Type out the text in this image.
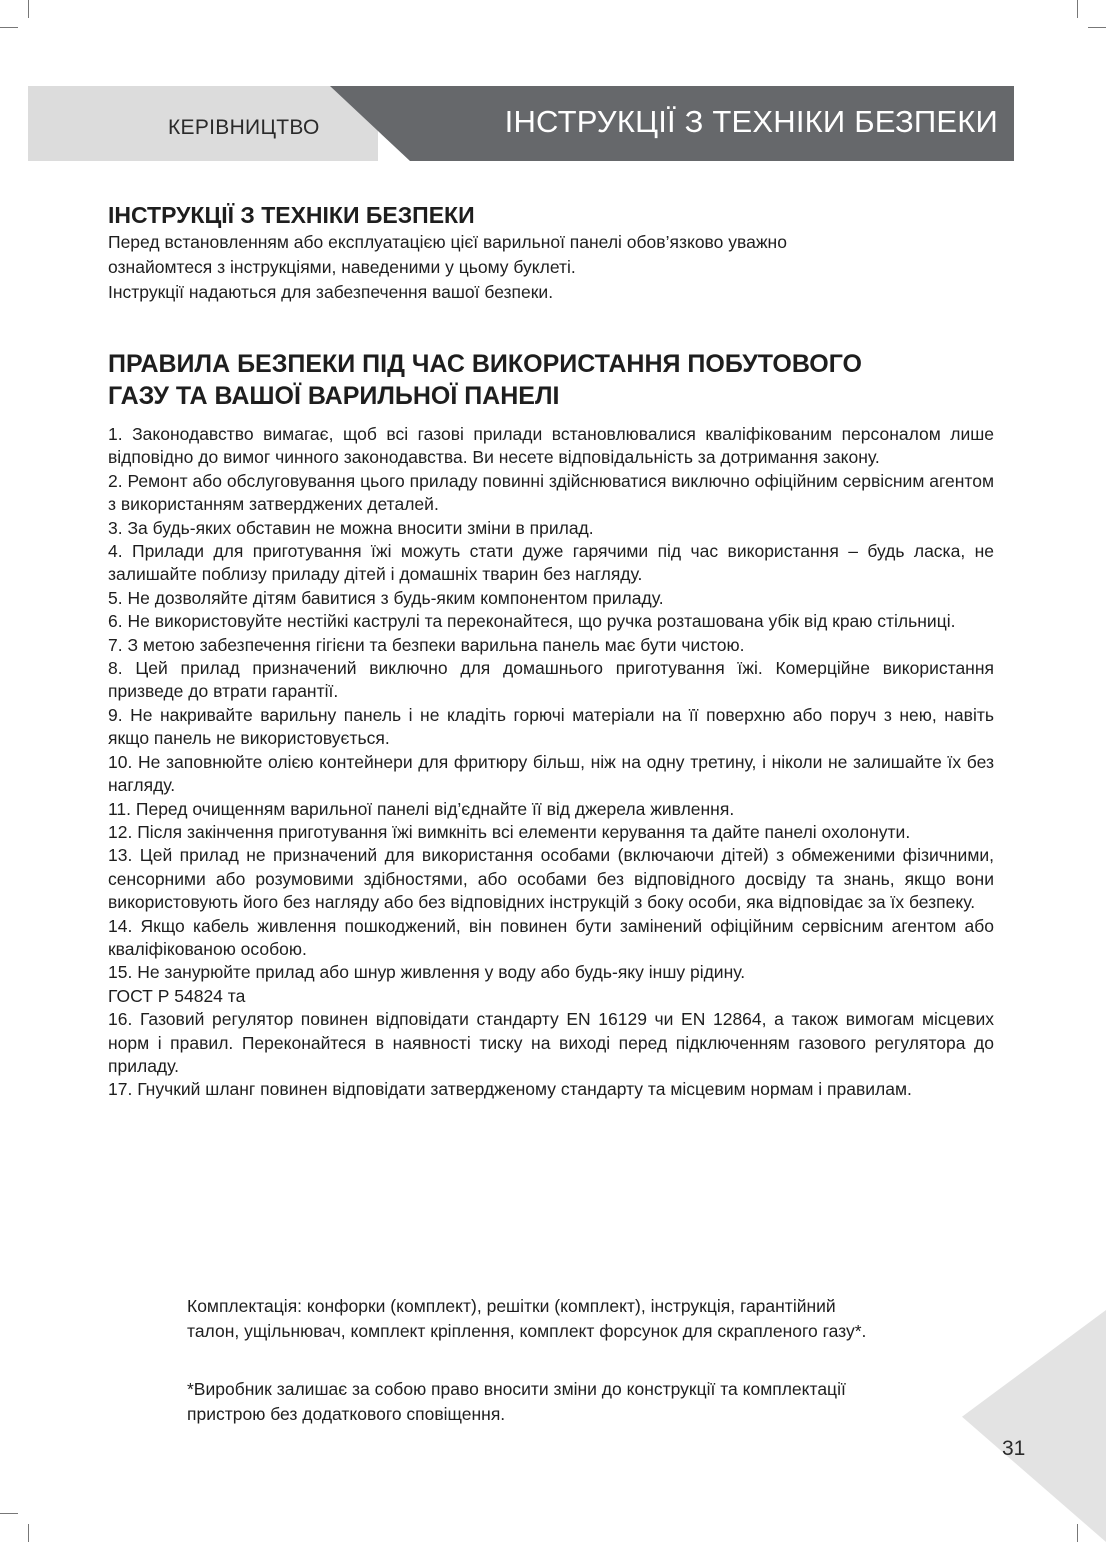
КЕРІВНИЦТВО	ІНСТРУКЦІЇ З ТЕХНІКИ БЕЗПЕКИ
ІНСТРУКЦІЇ З ТЕХНІКИ БЕЗПЕКИ

Перед встановленням або експлуатацією цієї варильної панелі обов’язково уважно

ознайомтеся з інструкціями, наведеними у цьому буклеті.

Інструкції надаються для забезпечення вашої безпеки.

ПРАВИЛА БЕЗПЕКИ ПІД ЧАС ВИКОРИСТАННЯ ПОБУТОВОГО
ГАЗУ ТА ВАШОЇ ВАРИЛЬНОЇ ПАНЕЛІ

1. Законодавство вимагає, щоб всі газові прилади встановлювалися кваліфікованим персоналом лише відповідно до вимог чинного законодавства. Ви несете відповідальність за дотримання закону.

2. Ремонт або обслуговування цього приладу повинні здійснюватися виключно офіційним сервісним агентом з використанням затверджених деталей.

3. За будь-яких обставин не можна вносити зміни в прилад.

4. Прилади для приготування їжі можуть стати дуже гарячими під час використання – будь ласка, не залишайте поблизу приладу дітей і домашніх тварин без нагляду.

5. Не дозволяйте дітям бавитися з будь-яким компонентом приладу.

6. Не використовуйте нестійкі каструлі та переконайтеся, що ручка розташована убік від краю стільниці.

7. З метою забезпечення гігієни та безпеки варильна панель має бути чистою.

8. Цей прилад призначений виключно для домашнього приготування їжі. Комерційне використання призведе до втрати гарантії.

9. Не накривайте варильну панель і не кладіть горючі матеріали на її поверхню або поруч з нею, навіть якщо панель не використовується.

10. Не заповнюйте олією контейнери для фритюру більш, ніж на одну третину, і ніколи не залишайте їх без нагляду.

11. Перед очищенням варильної панелі від’єднайте її від джерела живлення.

12. Після закінчення приготування їжі вимкніть всі елементи керування та дайте панелі охолонути.

13. Цей прилад не призначений для використання особами (включаючи дітей) з обмеженими фізичними, сенсорними або розумовими здібностями, або особами без відповідного досвіду та знань, якщо вони використовують його без нагляду або без відповідних інструкцій з боку особи, яка відповідає за їх безпеку.

14. Якщо кабель живлення пошкоджений, він повинен бути замінений офіційним сервісним агентом або кваліфікованою особою.

15. Не занурюйте прилад або шнур живлення у воду або будь-яку іншу рідину.

ГОСТ Р 54824 та

16. Газовий регулятор повинен відповідати стандарту EN 16129 чи EN 12864, а також вимогам місцевих норм і правил. Переконайтеся в наявності тиску на виході перед підключенням газового регулятора до приладу.

17. Гнучкий шланг повинен відповідати затвердженому стандарту та місцевим нормам і правилам.

Комплектація: конфорки (комплект), решітки (комплект), інструкція, гарантійний

талон, ущільнювач, комплект кріплення, комплект форсунок для скрапленого газу*.

*Виробник залишає за собою право вносити зміни до конструкції та комплектації

пристрою без додаткового сповіщення.

31
